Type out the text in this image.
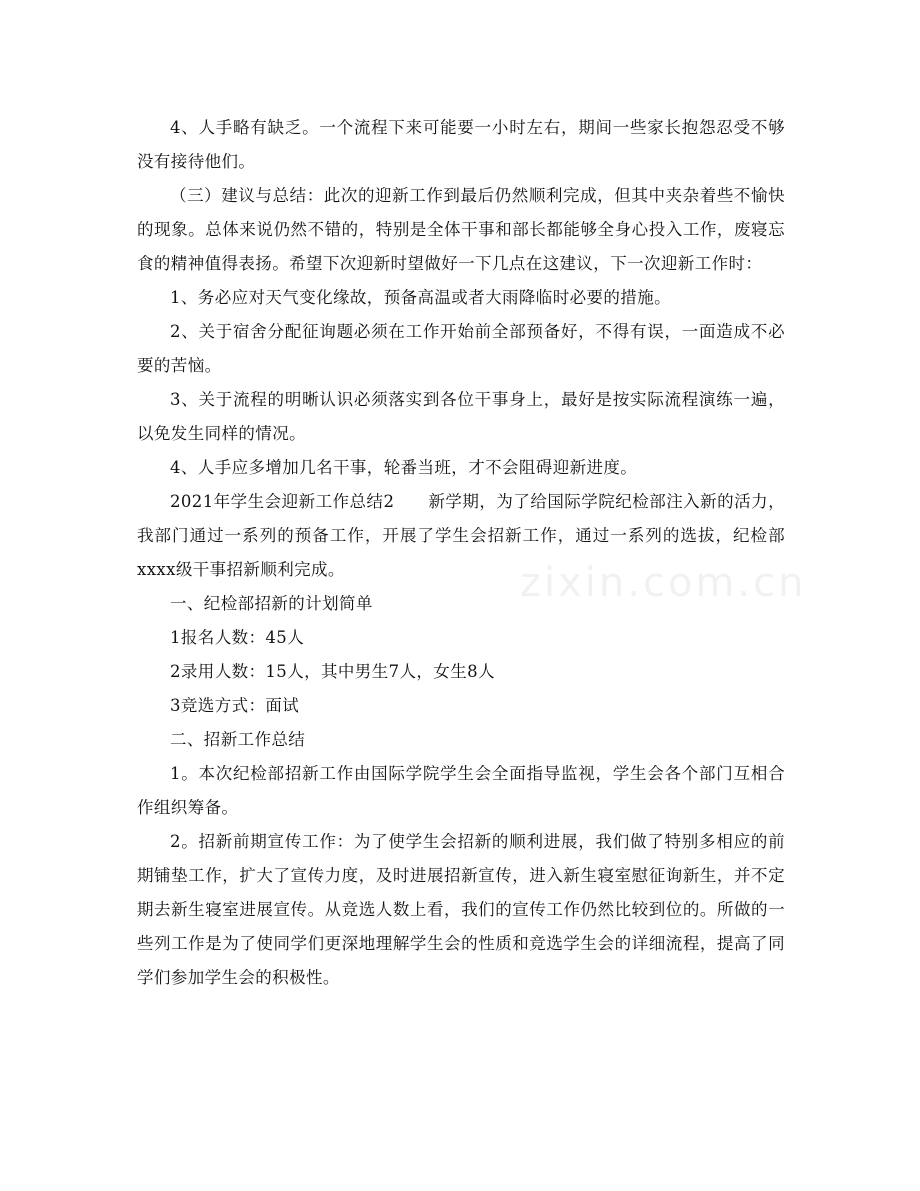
4、人手略有缺乏。一个流程下来可能要一小时左右，期间一些家长抱怨忍受不够没有接待他们。

（三）建议与总结：此次的迎新工作到最后仍然顺利完成，但其中夹杂着些不愉快的现象。总体来说仍然不错的，特别是全体干事和部长都能够全身心投入工作，废寝忘食的精神值得表扬。希望下次迎新时望做好一下几点在这建议，下一次迎新工作时：

1、务必应对天气变化缘故，预备高温或者大雨降临时必要的措施。

2、关于宿舍分配征询题必须在工作开始前全部预备好，不得有误，一面造成不必要的苦恼。

3、关于流程的明晰认识必须落实到各位干事身上，最好是按实际流程演练一遍，以免发生同样的情况。

4、人手应多增加几名干事，轮番当班，才不会阻碍迎新进度。

2021年学生会迎新工作总结2　　新学期，为了给国际学院纪检部注入新的活力，我部门通过一系列的预备工作，开展了学生会招新工作，通过一系列的选拔，纪检部xxxx级干事招新顺利完成。

一、纪检部招新的计划简单

1报名人数：45人

2录用人数：15人，其中男生7人，女生8人

3竞选方式：面试

二、招新工作总结

1。本次纪检部招新工作由国际学院学生会全面指导监视，学生会各个部门互相合作组织筹备。

2。招新前期宣传工作：为了使学生会招新的顺利进展，我们做了特别多相应的前期铺垫工作，扩大了宣传力度，及时进展招新宣传，进入新生寝室慰征询新生，并不定期去新生寝室进展宣传。从竞选人数上看，我们的宣传工作仍然比较到位的。所做的一些列工作是为了使同学们更深地理解学生会的性质和竞选学生会的详细流程，提高了同学们参加学生会的积极性。

zixin.com.cn
